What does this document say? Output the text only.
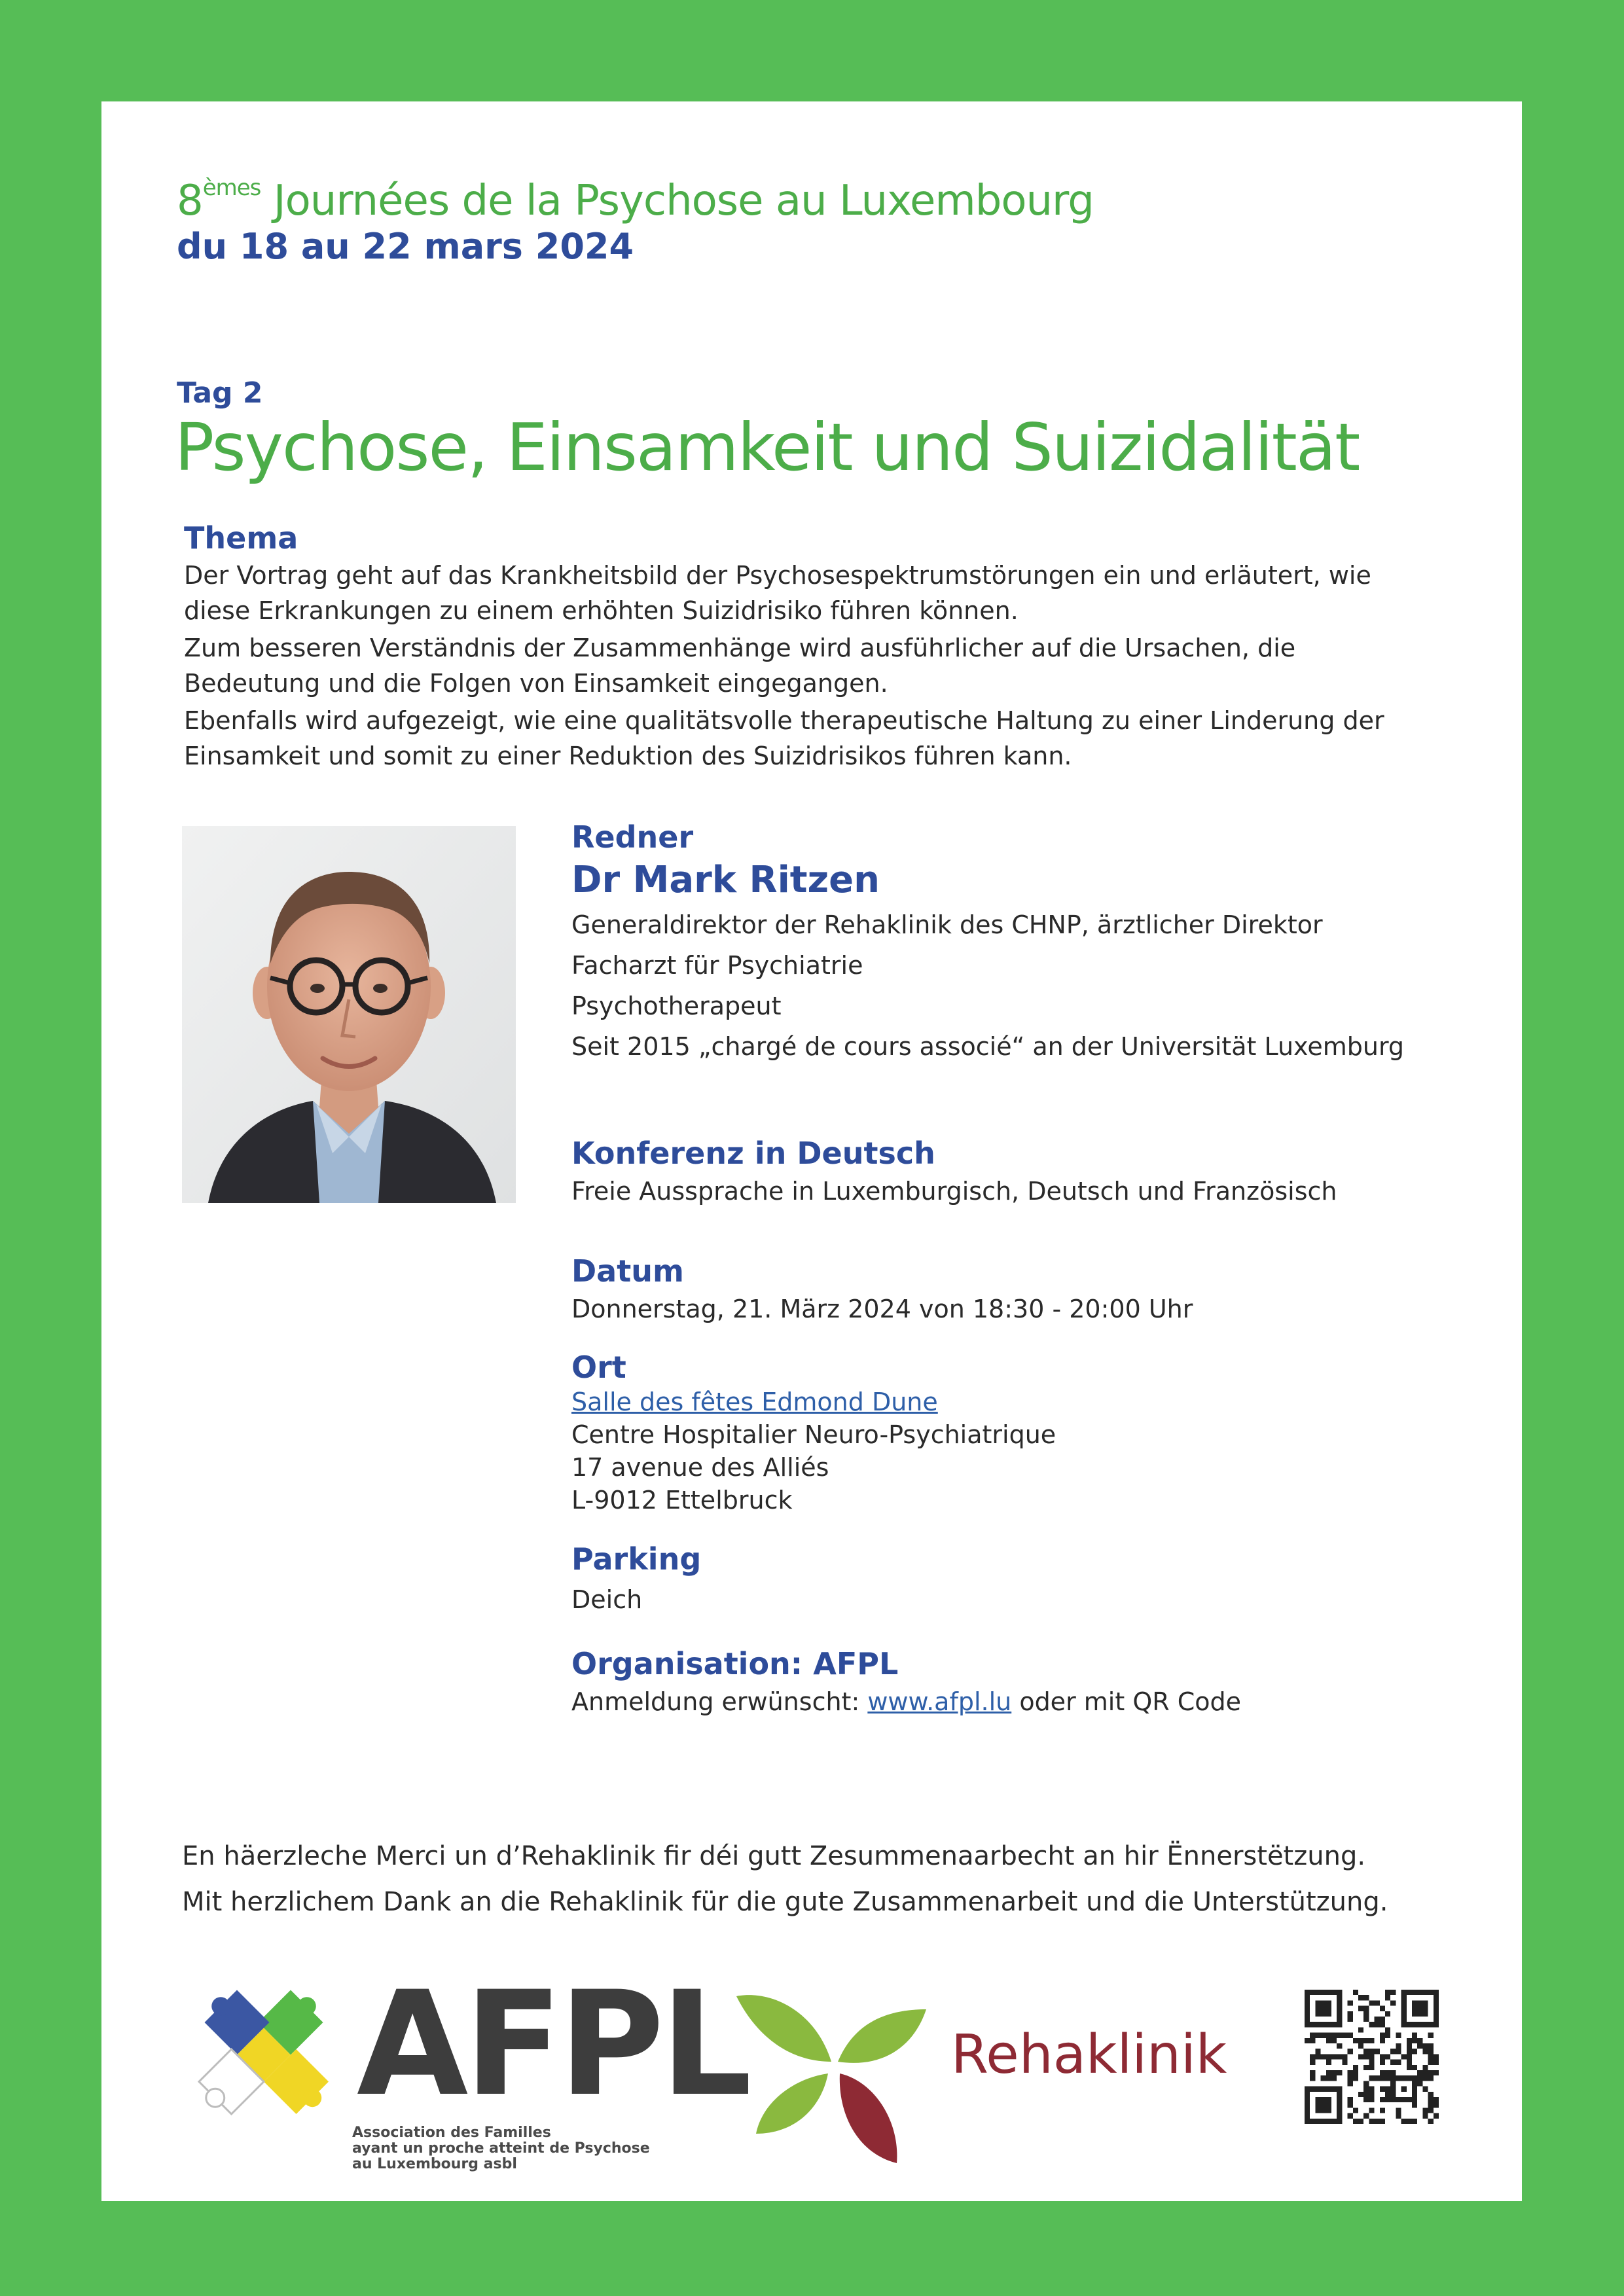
8èmes Journées de la Psychose au Luxembourg
du 18 au 22 mars 2024
Tag 2
Psychose, Einsamkeit und Suizidalität
Thema
Der Vortrag geht auf das Krankheitsbild der Psychosespektrumstörungen ein und erläutert, wie
diese Erkrankungen zu einem erhöhten Suizidrisiko führen können.
Zum besseren Verständnis der Zusammenhänge wird ausführlicher auf die Ursachen, die
Bedeutung und die Folgen von Einsamkeit eingegangen.
Ebenfalls wird aufgezeigt, wie eine qualitätsvolle therapeutische Haltung zu einer Linderung der
Einsamkeit und somit zu einer Reduktion des Suizidrisikos führen kann.
Redner
Dr Mark Ritzen
Generaldirektor der Rehaklinik des CHNP, ärztlicher Direktor
Facharzt für Psychiatrie
Psychotherapeut
Seit 2015 „chargé de cours associé“ an der Universität Luxemburg
Konferenz in Deutsch
Freie Aussprache in Luxemburgisch, Deutsch und Französisch
Datum
Donnerstag, 21. März 2024 von 18:30 - 20:00 Uhr
Ort
Salle des fêtes Edmond Dune
Centre Hospitalier Neuro-Psychiatrique
17 avenue des Alliés
L-9012 Ettelbruck
Parking
Deich
Organisation: AFPL
Anmeldung erwünscht: www.afpl.lu oder mit QR Code
En häerzleche Merci un d’Rehaklinik fir déi gutt Zesummenaarbecht an hir Ënnerstëtzung.
Mit herzlichem Dank an die Rehaklinik für die gute Zusammenarbeit und die Unterstützung.
AFPL
Association des Familles
ayant un proche atteint de Psychose
au Luxembourg asbl
Rehaklinik
